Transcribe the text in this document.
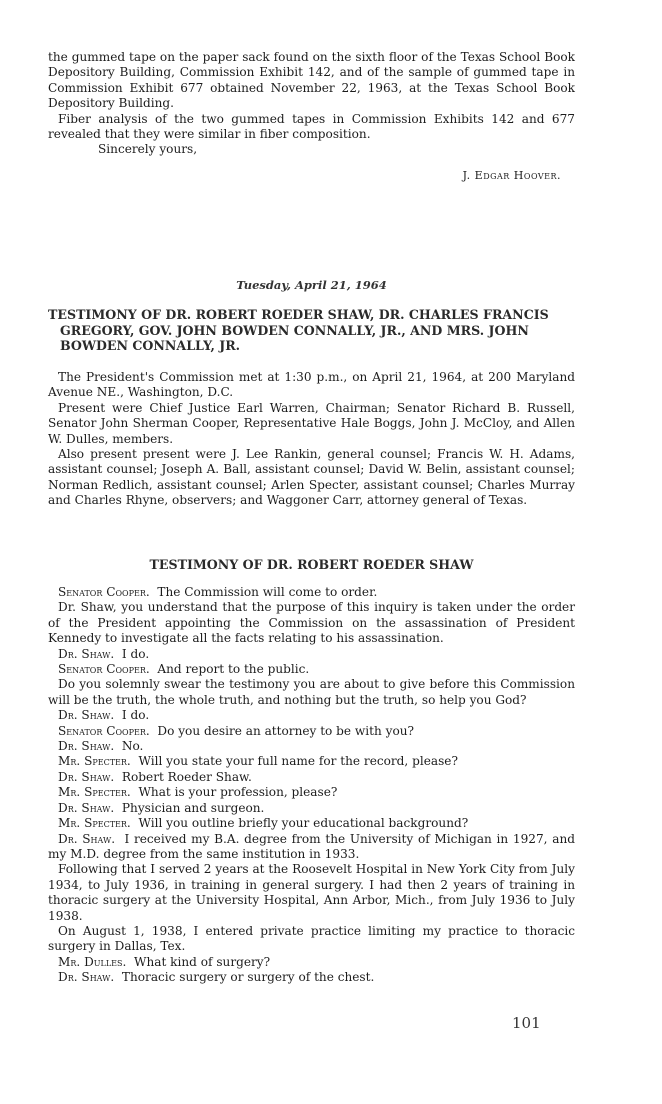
the gummed tape on the paper sack found on the sixth floor of the Texas School Book Depository Building, Commission Exhibit 142, and of the sample of gummed tape in Commission Exhibit 677 obtained November 22, 1963, at the Texas School Book Depository Building.

Fiber analysis of the two gummed tapes in Commission Exhibits 142 and 677 revealed that they were similar in fiber composition.

Sincerely yours,

J. Edgar Hoover.

Tuesday, April 21, 1964
TESTIMONY OF DR. ROBERT ROEDER SHAW, DR. CHARLES FRANCIS GREGORY, GOV. JOHN BOWDEN CONNALLY, JR., AND MRS. JOHN BOWDEN CONNALLY, JR.

The President's Commission met at 1:30 p.m., on April 21, 1964, at 200 Maryland Avenue NE., Washington, D.C.

Present were Chief Justice Earl Warren, Chairman; Senator Richard B. Russell, Senator John Sherman Cooper, Representative Hale Boggs, John J. McCloy, and Allen W. Dulles, members.

Also present present were J. Lee Rankin, general counsel; Francis W. H. Adams, assistant counsel; Joseph A. Ball, assistant counsel; David W. Belin, assistant counsel; Norman Redlich, assistant counsel; Arlen Specter, assistant counsel; Charles Murray and Charles Rhyne, observers; and Waggoner Carr, attorney general of Texas.

TESTIMONY OF DR. ROBERT ROEDER SHAW

Senator Cooper. The Commission will come to order.

Dr. Shaw, you understand that the purpose of this inquiry is taken under the order of the President appointing the Commission on the assassination of President Kennedy to investigate all the facts relating to his assassination.

Dr. Shaw. I do.

Senator Cooper. And report to the public.

Do you solemnly swear the testimony you are about to give before this Commission will be the truth, the whole truth, and nothing but the truth, so help you God?

Dr. Shaw. I do.

Senator Cooper. Do you desire an attorney to be with you?

Dr. Shaw. No.

Mr. Specter. Will you state your full name for the record, please?

Dr. Shaw. Robert Roeder Shaw.

Mr. Specter. What is your profession, please?

Dr. Shaw. Physician and surgeon.

Mr. Specter. Will you outline briefly your educational background?

Dr. Shaw. I received my B.A. degree from the University of Michigan in 1927, and my M.D. degree from the same institution in 1933.

Following that I served 2 years at the Roosevelt Hospital in New York City from July 1934, to July 1936, in training in general surgery. I had then 2 years of training in thoracic surgery at the University Hospital, Ann Arbor, Mich., from July 1936 to July 1938.

On August 1, 1938, I entered private practice limiting my practice to thoracic surgery in Dallas, Tex.

Mr. Dulles. What kind of surgery?

Dr. Shaw. Thoracic surgery or surgery of the chest.

101
